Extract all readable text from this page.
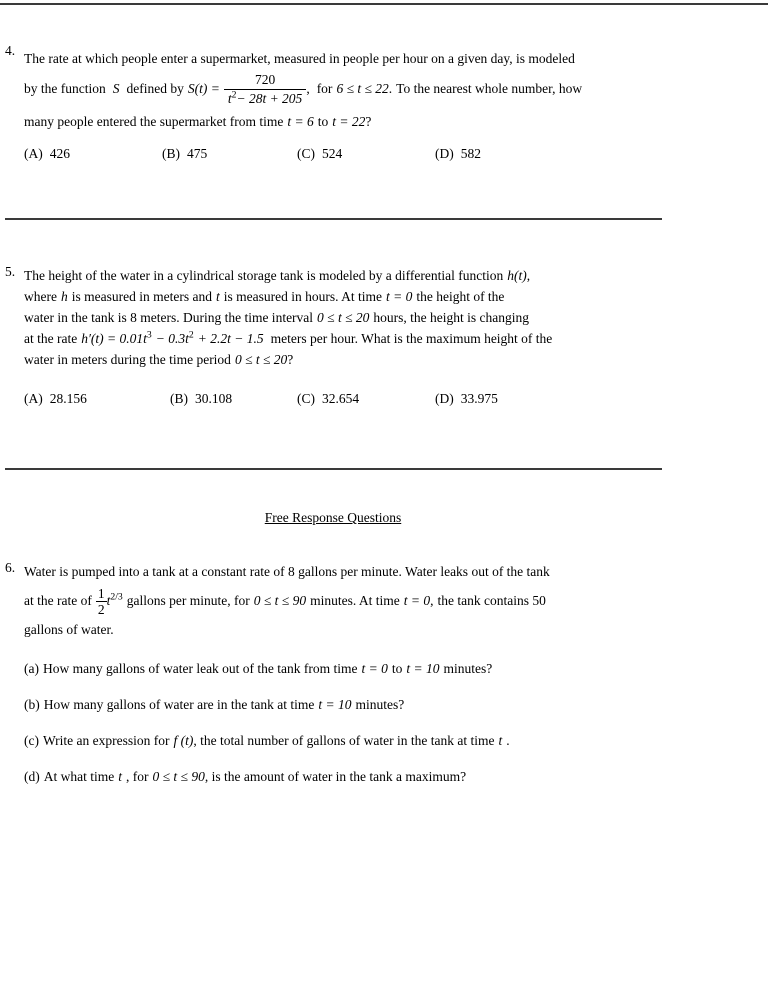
4.
The rate at which people enter a supermarket, measured in people per hour on a given day, is modeled
by the function S defined by $S(t) = \frac{720}{t^2- 28t + 205}$ , for 6 ≤ t ≤ 22. To the nearest whole number, how
many people entered the supermarket from time t = 6 to t = 22?
(A) 426	(B) 475	(C) 524	(D) 582
5. The height of the water in a cylindrical storage tank is modeled by a differential function h(t),
where h is measured in meters and t is measured in hours. At time t = 0 the height of the
water in the tank is 8 meters. During the time interval 0 ≤ t ≤ 20 hours, the height is changing
at the rate $h'(t) = 0.01t^3 - 0.3t^2 + 2.2t - 1.5$ meters per hour. What is the maximum height of the
water in meters during the time period 0 ≤ t ≤ 20?
(A) 28.156	(B) 30.108	(C) 32.654	(D) 33.975
Free Response Questions
6. Water is pumped into a tank at a constant rate of 8 gallons per minute. Water leaks out of the tank
at the rate of $\frac{1}{2} t^{2/3}$ gallons per minute, for 0 ≤ t ≤ 90 minutes. At time t = 0, the tank contains 50
gallons of water.
(a) How many gallons of water leak out of the tank from time t = 0 to t = 10 minutes?
(b) How many gallons of water are in the tank at time t = 10 minutes?
(c) Write an expression for f (t), the total number of gallons of water in the tank at time t .
(d) At what time t , for 0 ≤ t ≤ 90, is the amount of water in the tank a maximum?
